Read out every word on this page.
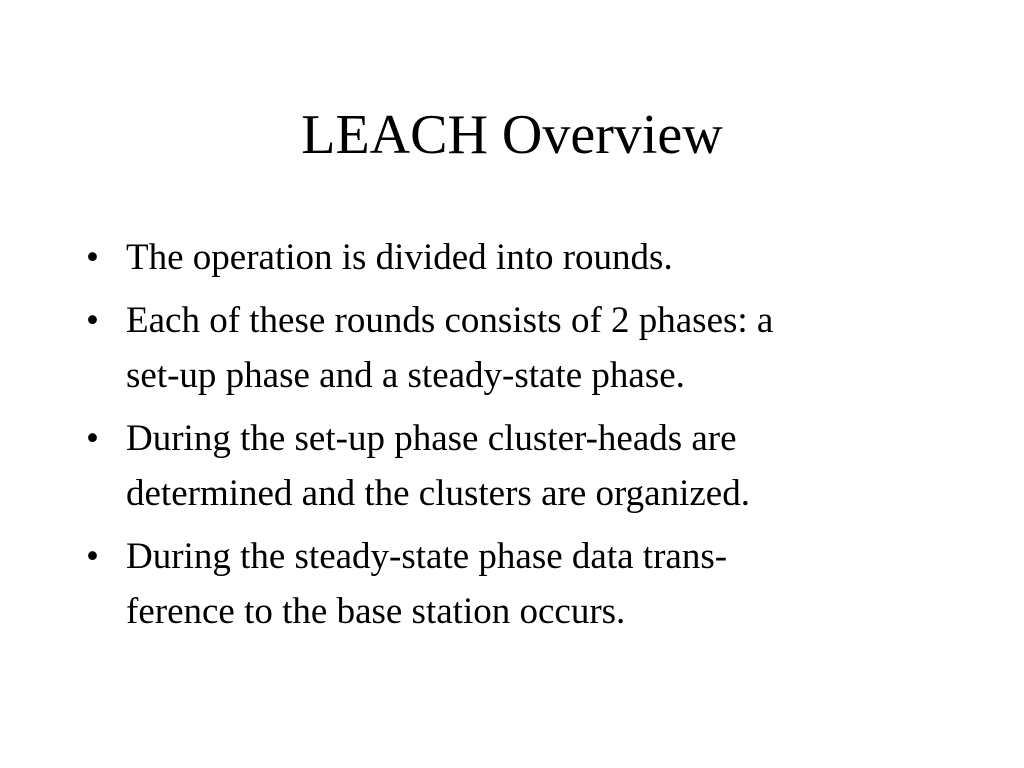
LEACH Overview
• The operation is divided into rounds.
• Each of these rounds consists of 2 phases: a
set-up phase and a steady-state phase.
• During the set-up phase cluster-heads are
determined and the clusters are organized.
• During the steady-state phase data trans-
ference to the base station occurs.
